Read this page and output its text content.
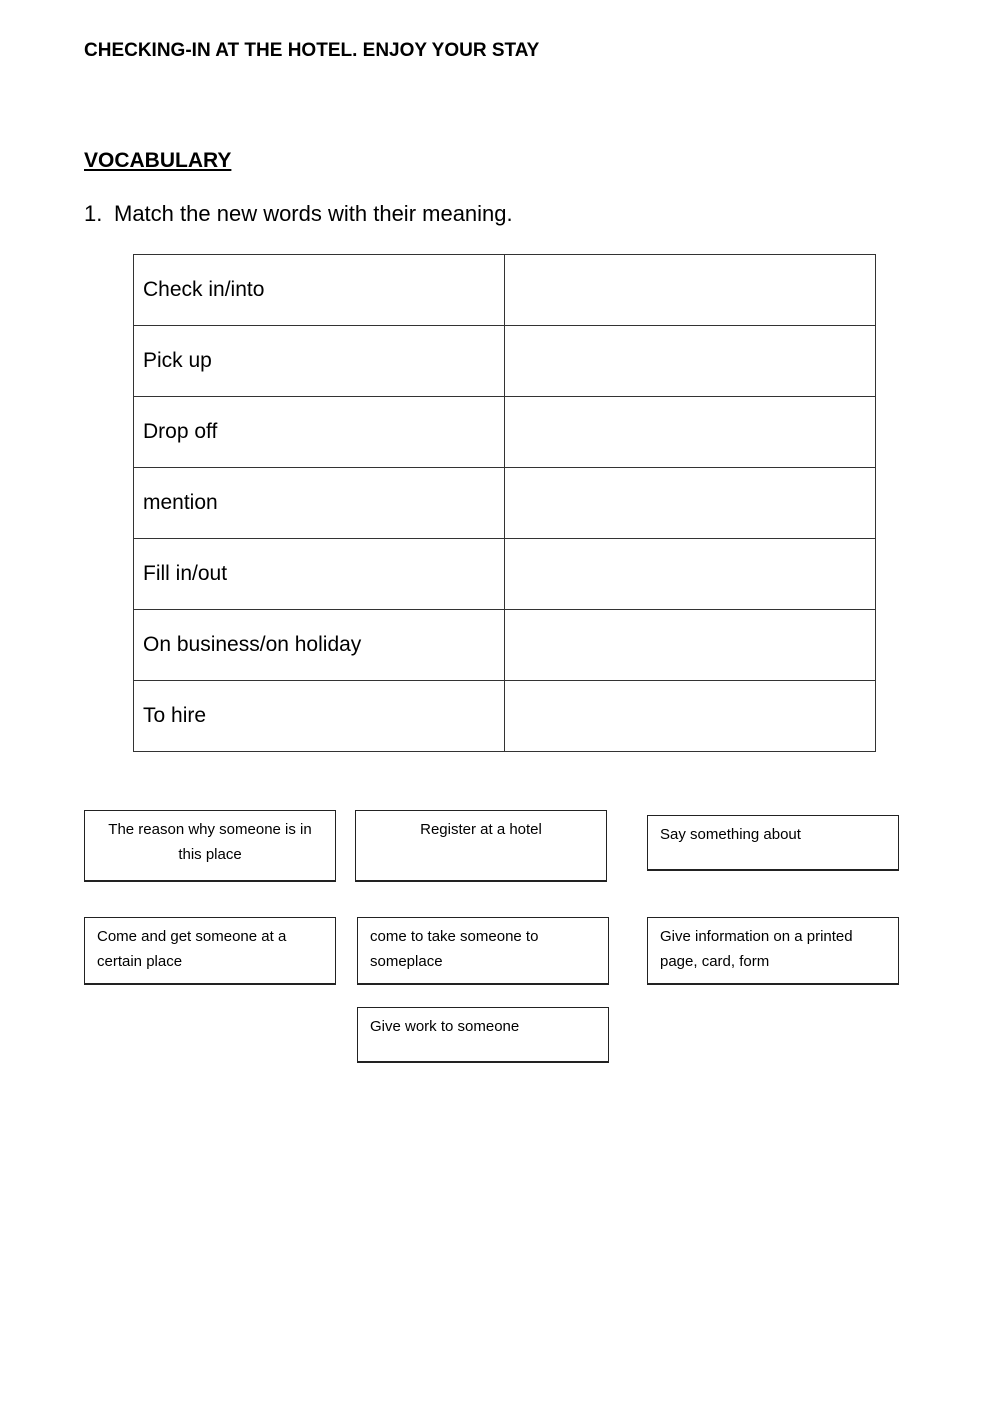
CHECKING-IN AT THE HOTEL. ENJOY YOUR STAY
VOCABULARY
1. Match the new words with their meaning.
Check in/into	
Pick up	
Drop off	
mention	
Fill in/out	
On business/on holiday	
To hire	
The reason why someone is in this place
Register at a hotel	Say something about
Come and get someone at a certain place
come to take someone to someplace
Give information on a printed page, card, form
Give work to someone
